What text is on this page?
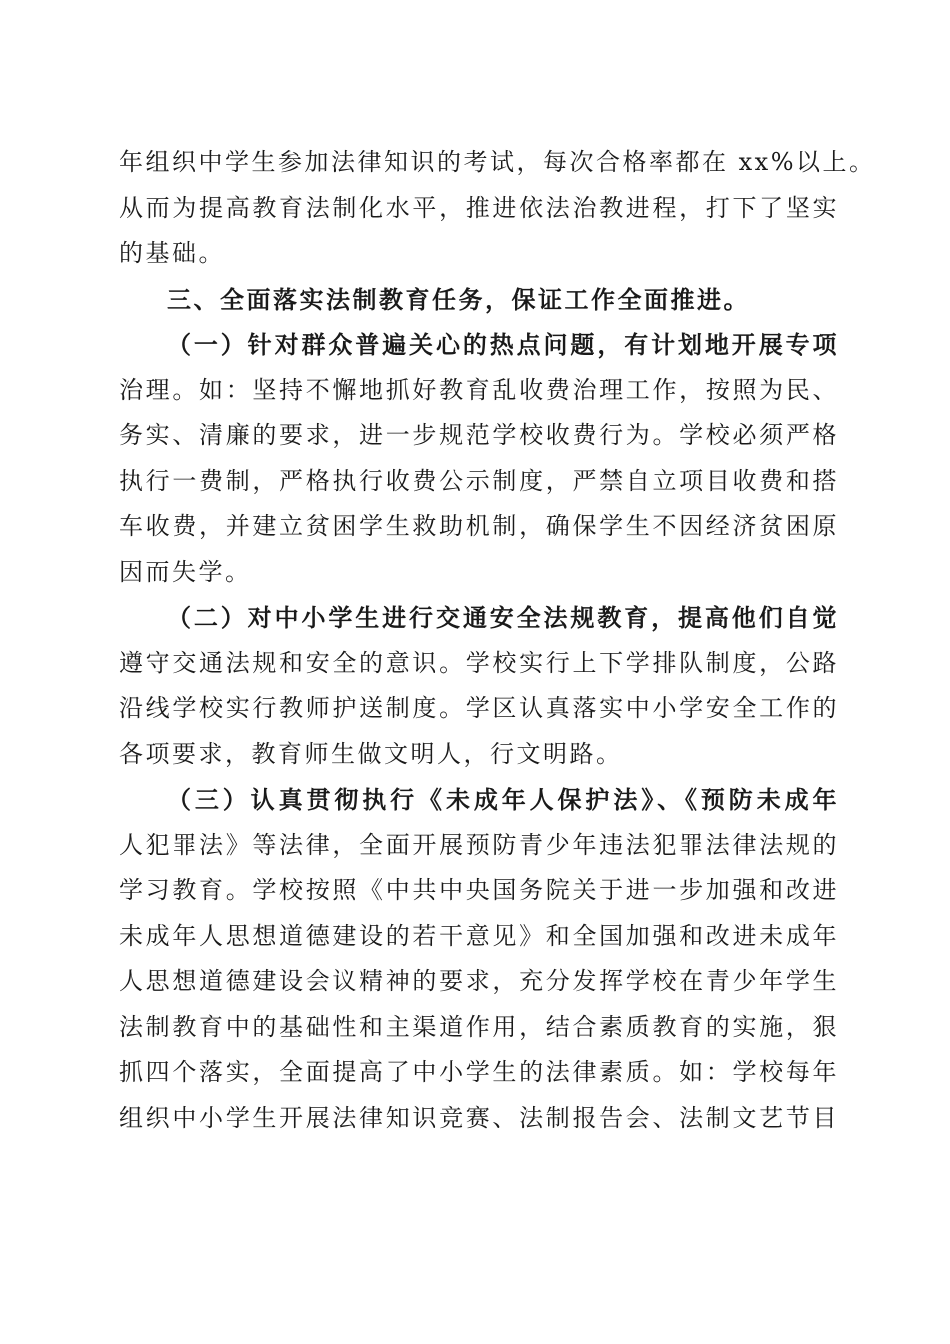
年组织中学生参加法律知识的考试，每次合格率都在 xx%以上。
从而为提高教育法制化水平，推进依法治教进程，打下了坚实
的基础。
三、全面落实法制教育任务，保证工作全面推进。
（一）针对群众普遍关心的热点问题，有计划地开展专项
治理。如：坚持不懈地抓好教育乱收费治理工作，按照为民、
务实、清廉的要求，进一步规范学校收费行为。学校必须严格
执行一费制，严格执行收费公示制度，严禁自立项目收费和搭
车收费，并建立贫困学生救助机制，确保学生不因经济贫困原
因而失学。
（二）对中小学生进行交通安全法规教育，提高他们自觉
遵守交通法规和安全的意识。学校实行上下学排队制度，公路
沿线学校实行教师护送制度。学区认真落实中小学安全工作的
各项要求，教育师生做文明人，行文明路。
（三）认真贯彻执行《未成年人保护法》、《预防未成年
人犯罪法》等法律，全面开展预防青少年违法犯罪法律法规的
学习教育。学校按照《中共中央国务院关于进一步加强和改进
未成年人思想道德建设的若干意见》和全国加强和改进未成年
人思想道德建设会议精神的要求，充分发挥学校在青少年学生
法制教育中的基础性和主渠道作用，结合素质教育的实施，狠
抓四个落实，全面提高了中小学生的法律素质。如：学校每年
组织中小学生开展法律知识竞赛、法制报告会、法制文艺节目
